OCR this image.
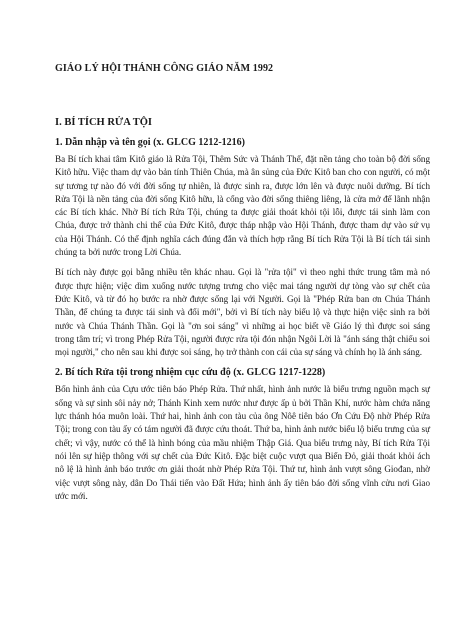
GIÁO LÝ HỘI THÁNH CÔNG GIÁO NĂM 1992
I. BÍ TÍCH RỬA TỘI
1. Dẫn nhập và tên gọi (x. GLCG 1212-1216)

Ba Bí tích khai tâm Kitô giáo là Rửa Tội, Thêm Sức và Thánh Thể, đặt nền tảng cho toàn bộ đời sống Kitô hữu. Việc tham dự vào bản tính Thiên Chúa, mà ân sủng của Đức Kitô ban cho con người, có một sự tương tự nào đó với đời sống tự nhiên, là được sinh ra, được lớn lên và được nuôi dưỡng. Bí tích Rửa Tội là nền tảng của đời sống Kitô hữu, là cổng vào đời sống thiêng liêng, là cửa mở để lãnh nhận các Bí tích khác. Nhờ Bí tích Rửa Tội, chúng ta được giải thoát khỏi tội lỗi, được tái sinh làm con Chúa, được trở thành chi thể của Đức Kitô, được tháp nhập vào Hội Thánh, được tham dự vào sứ vụ của Hội Thánh. Có thể định nghĩa cách đúng đắn và thích hợp rằng Bí tích Rửa Tội là Bí tích tái sinh chúng ta bởi nước trong Lời Chúa.

Bí tích này được gọi bằng nhiều tên khác nhau. Gọi là "rửa tội" vì theo nghi thức trung tâm mà nó được thực hiện; việc dìm xuống nước tượng trưng cho việc mai táng người dự tòng vào sự chết của Đức Kitô, và từ đó họ bước ra nhờ được sống lại với Người. Gọi là "Phép Rửa ban ơn Chúa Thánh Thần, để chúng ta được tái sinh và đổi mới", bởi vì Bí tích này biểu lộ và thực hiện việc sinh ra bởi nước và Chúa Thánh Thần. Gọi là "ơn soi sáng" vì những ai học biết về Giáo lý thì được soi sáng trong tâm trí; vì trong Phép Rửa Tội, người được rửa tội đón nhận Ngôi Lời là "ánh sáng thật chiếu soi mọi người," cho nên sau khi được soi sáng, họ trở thành con cái của sự sáng và chính họ là ánh sáng.

2. Bí tích Rửa tội trong nhiệm cục cứu độ (x. GLCG 1217-1228)

Bốn hình ảnh của Cựu ước tiên báo Phép Rửa. Thứ nhất, hình ảnh nước là biểu trưng nguồn mạch sự sống và sự sinh sôi nảy nở; Thánh Kinh xem nước như được ấp ủ bởi Thần Khí, nước hàm chứa năng lực thánh hóa muôn loài. Thứ hai, hình ảnh con tàu của ông Nôê tiên báo Ơn Cứu Độ nhờ Phép Rửa Tội; trong con tàu ấy có tám người đã được cứu thoát. Thứ ba, hình ảnh nước biểu lộ biểu trưng của sự chết; vì vậy, nước có thể là hình bóng của mầu nhiệm Thập Giá. Qua biểu trưng này, Bí tích Rửa Tội nói lên sự hiệp thông với sự chết của Đức Kitô. Đặc biệt cuộc vượt qua Biển Đỏ, giải thoát khỏi ách nô lệ là hình ảnh báo trước ơn giải thoát nhờ Phép Rửa Tội. Thứ tư, hình ảnh vượt sông Giođan, nhờ việc vượt sông này, dân Do Thái tiến vào Đất Hứa; hình ảnh ấy tiên báo đời sống vĩnh cửu nơi Giao ước mới.
